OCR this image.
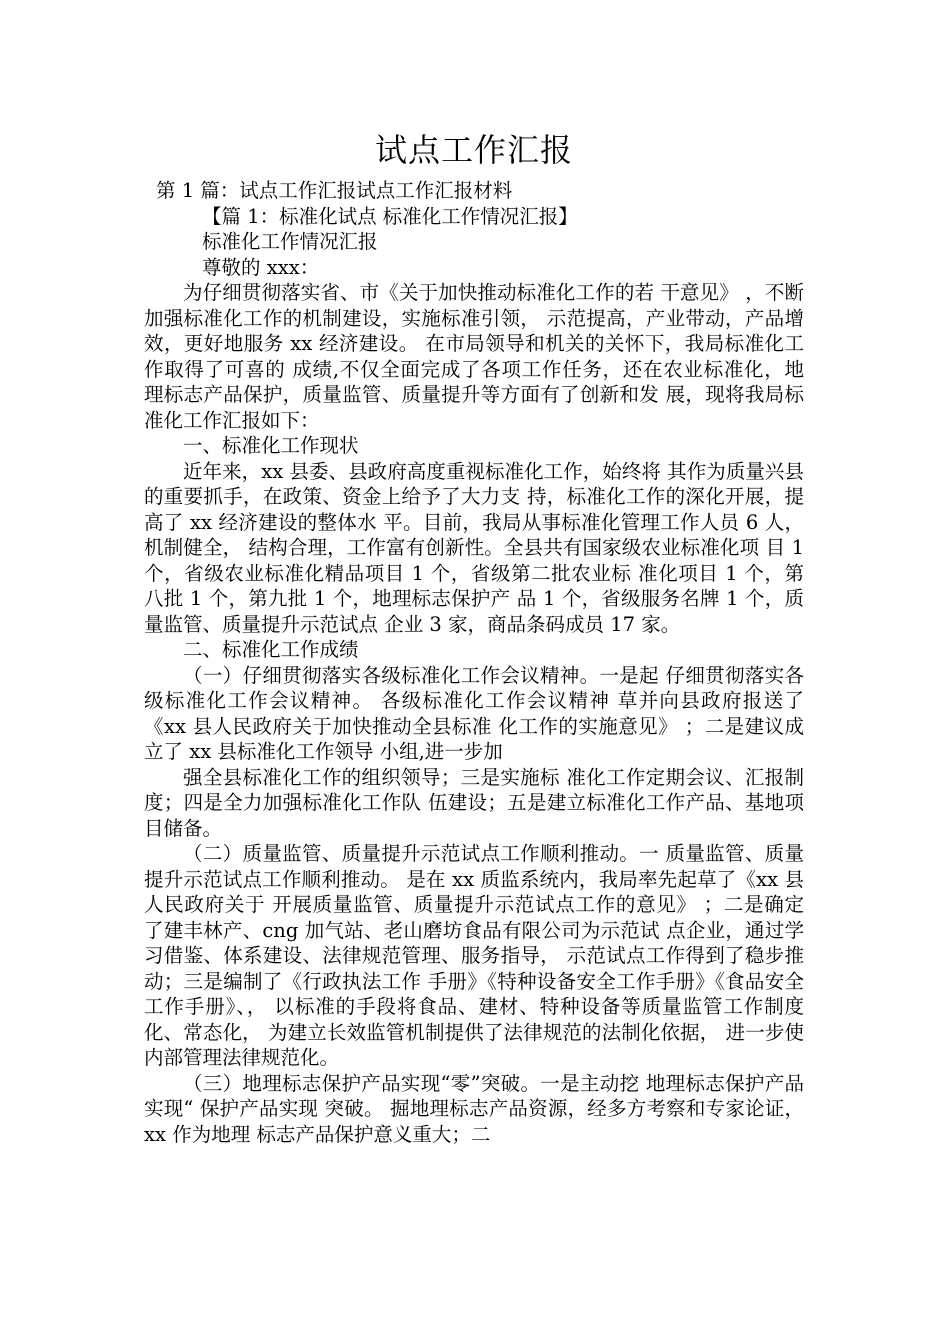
试点工作汇报

第 1 篇：试点工作汇报试点工作汇报材料

【篇 1：标准化试点 标准化工作情况汇报】

标准化工作情况汇报

尊敬的 xxx：

为仔细贯彻落实省、市《关于加快推动标准化工作的若 干意见》 ，不断加强标准化工作的机制建设，实施标准引领， 示范提高，产业带动，产品增效，更好地服务 xx 经济建设。 在市局领导和机关的关怀下，我局标准化工作取得了可喜的 成绩,不仅全面完成了各项工作任务，还在农业标准化，地 理标志产品保护，质量监管、质量提升等方面有了创新和发 展，现将我局标准化工作汇报如下：

一、标准化工作现状

近年来，xx 县委、县政府高度重视标准化工作，始终将 其作为质量兴县的重要抓手，在政策、资金上给予了大力支 持，标准化工作的深化开展，提高了 xx 经济建设的整体水 平。目前，我局从事标准化管理工作人员 6 人，机制健全， 结构合理，工作富有创新性。全县共有国家级农业标准化项 目 1 个，省级农业标准化精品项目 1 个，省级第二批农业标 准化项目 1 个，第八批 1 个，第九批 1 个，地理标志保护产 品 1 个，省级服务名牌 1 个，质量监管、质量提升示范试点 企业 3 家，商品条码成员 17 家。

二、标准化工作成绩

（一）仔细贯彻落实各级标准化工作会议精神。一是起 仔细贯彻落实各级标准化工作会议精神。 各级标准化工作会议精神 草并向县政府报送了 《xx 县人民政府关于加快推动全县标准 化工作的实施意见》 ；二是建议成立了 xx 县标准化工作领导 小组,进一步加

强全县标准化工作的组织领导；三是实施标 准化工作定期会议、汇报制度；四是全力加强标准化工作队 伍建设；五是建立标准化工作产品、基地项目储备。

（二）质量监管、质量提升示范试点工作顺利推动。一 质量监管、质量提升示范试点工作顺利推动。 是在 xx 质监系统内，我局率先起草了《xx 县人民政府关于 开展质量监管、质量提升示范试点工作的意见》 ；二是确定 了建丰林产、cng 加气站、老山磨坊食品有限公司为示范试 点企业，通过学习借鉴、体系建设、法律规范管理、服务指导， 示范试点工作得到了稳步推动；三是编制了《行政执法工作 手册》《特种设备安全工作手册》《食品安全工作手册》、， 以标准的手段将食品、建材、特种设备等质量监管工作制度 化、常态化， 为建立长效监管机制提供了法律规范的法制化依据， 进一步使内部管理法律规范化。

（三）地理标志保护产品实现“零”突破。一是主动挖 地理标志保护产品实现“ 保护产品实现 突破。 掘地理标志产品资源，经多方考察和专家论证，xx 作为地理 标志产品保护意义重大；二
